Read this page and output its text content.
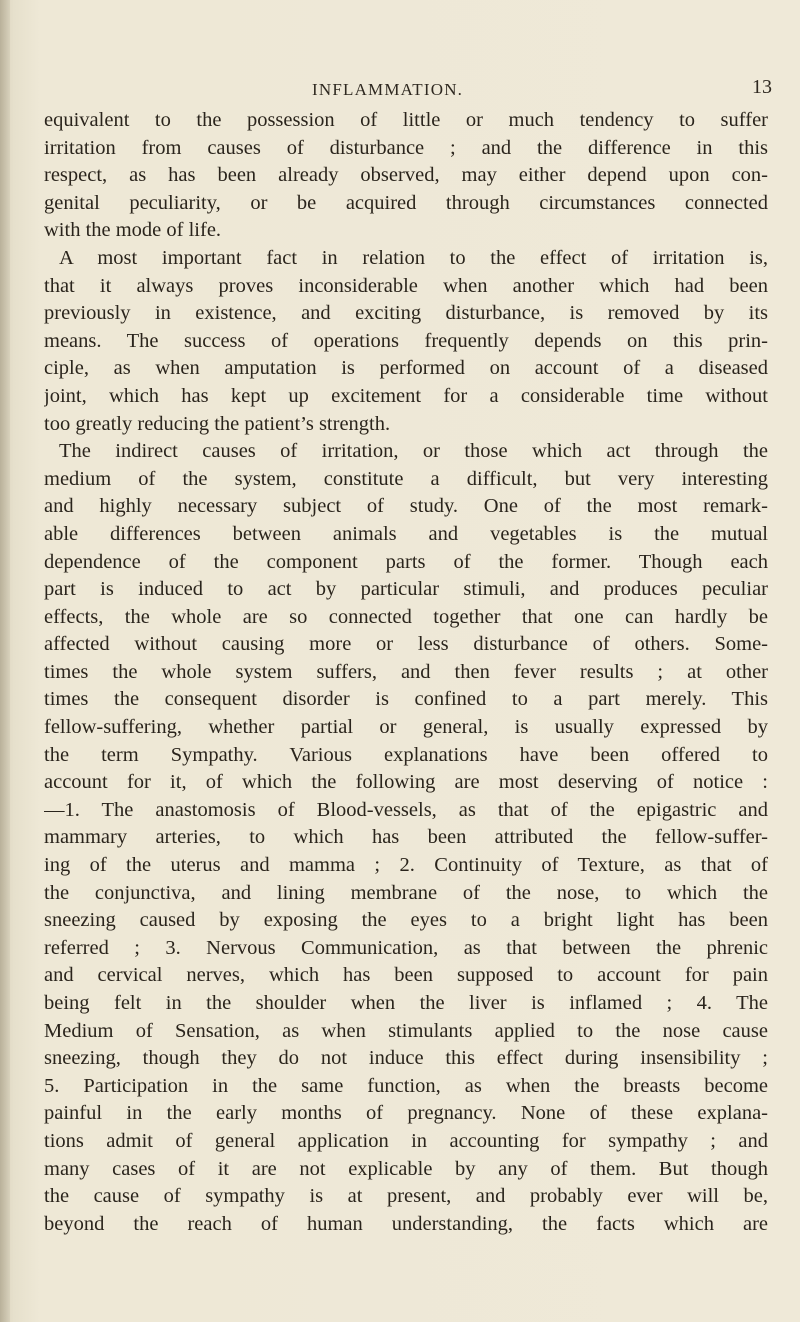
INFLAMMATION.	13
equivalent to the possession of little or much tendency to suffer
irritation from causes of disturbance ; and the difference in this
respect, as has been already observed, may either depend upon con-
genital peculiarity, or be acquired through circumstances connected
with the mode of life.
A most important fact in relation to the effect of irritation is,
that it always proves inconsiderable when another which had been
previously in existence, and exciting disturbance, is removed by its
means. The success of operations frequently depends on this prin-
ciple, as when amputation is performed on account of a diseased
joint, which has kept up excitement for a considerable time without
too greatly reducing the patient’s strength.
The indirect causes of irritation, or those which act through the
medium of the system, constitute a difficult, but very interesting
and highly necessary subject of study. One of the most remark-
able differences between animals and vegetables is the mutual
dependence of the component parts of the former. Though each
part is induced to act by particular stimuli, and produces peculiar
effects, the whole are so connected together that one can hardly be
affected without causing more or less disturbance of others. Some-
times the whole system suffers, and then fever results ; at other
times the consequent disorder is confined to a part merely. This
fellow-suffering, whether partial or general, is usually expressed by
the term Sympathy. Various explanations have been offered to
account for it, of which the following are most deserving of notice :
—1. The anastomosis of Blood-vessels, as that of the epigastric and
mammary arteries, to which has been attributed the fellow-suffer-
ing of the uterus and mamma ; 2. Continuity of Texture, as that of
the conjunctiva, and lining membrane of the nose, to which the
sneezing caused by exposing the eyes to a bright light has been
referred ; 3. Nervous Communication, as that between the phrenic
and cervical nerves, which has been supposed to account for pain
being felt in the shoulder when the liver is inflamed ; 4. The
Medium of Sensation, as when stimulants applied to the nose cause
sneezing, though they do not induce this effect during insensibility ;
5. Participation in the same function, as when the breasts become
painful in the early months of pregnancy. None of these explana-
tions admit of general application in accounting for sympathy ; and
many cases of it are not explicable by any of them. But though
the cause of sympathy is at present, and probably ever will be,
beyond the reach of human understanding, the facts which are
